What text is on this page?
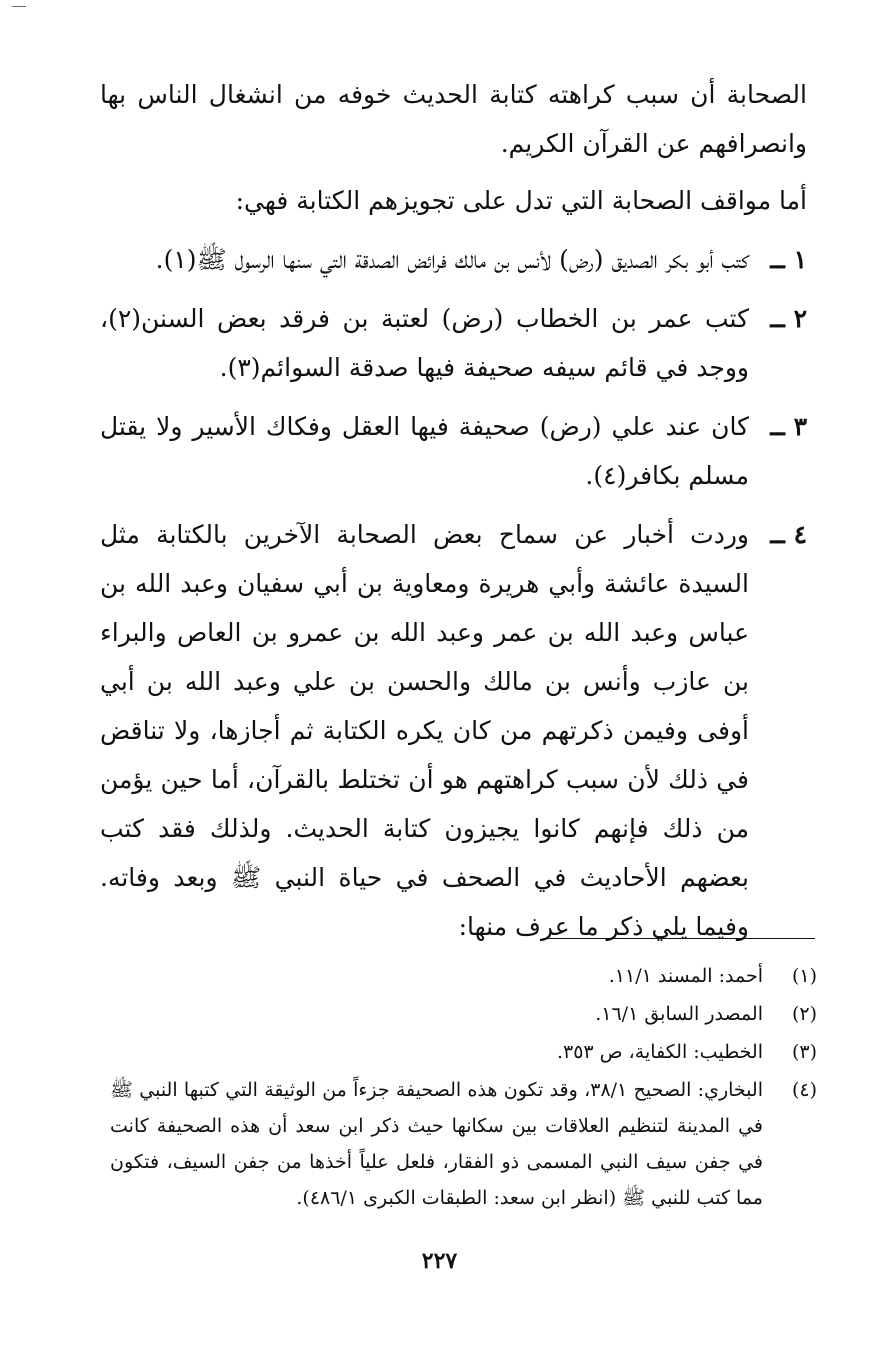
الصحابة أن سبب كراهته كتابة الحديث خوفه من انشغال الناس بها وانصرافهم عن القرآن الكريم.

أما مواقف الصحابة التي تدل على تجويزهم الكتابة فهي:

١ ــ
كتب أبو بكر الصديق (رض) لأنس بن مالك فرائض الصدقة التي سنها الرسول ﷺ(١).
٢ ــ
كتب عمر بن الخطاب (رض) لعتبة بن فرقد بعض السنن(٢)، ووجد في قائم سيفه صحيفة فيها صدقة السوائم(٣).
٣ ــ
كان عند علي (رض) صحيفة فيها العقل وفكاك الأسير ولا يقتل مسلم بكافر(٤).
٤ ــ
وردت أخبار عن سماح بعض الصحابة الآخرين بالكتابة مثل السيدة عائشة وأبي هريرة ومعاوية بن أبي سفيان وعبد الله بن عباس وعبد الله بن عمر وعبد الله بن عمرو بن العاص والبراء بن عازب وأنس بن مالك والحسن بن علي وعبد الله بن أبي أوفى وفيمن ذكرتهم من كان يكره الكتابة ثم أجازها، ولا تناقض في ذلك لأن سبب كراهتهم هو أن تختلط بالقرآن، أما حين يؤمن من ذلك فإنهم كانوا يجيزون كتابة الحديث. ولذلك فقد كتب بعضهم الأحاديث في الصحف في حياة النبي ﷺ وبعد وفاته. وفيما يلي ذكر ما عرف منها:
(١)
أحمد: المسند ١١/١.
(٢)
المصدر السابق ١٦/١.
(٣)
الخطيب: الكفاية، ص ٣٥٣.
(٤)
البخاري: الصحيح ٣٨/١، وقد تكون هذه الصحيفة جزءاً من الوثيقة التي كتبها النبي ﷺ في المدينة لتنظيم العلاقات بين سكانها حيث ذكر ابن سعد أن هذه الصحيفة كانت في جفن سيف النبي المسمى ذو الفقار، فلعل علياً أخذها من جفن السيف، فتكون مما كتب للنبي ﷺ (انظر ابن سعد: الطبقات الكبرى ٤٨٦/١).
٢٢٧
